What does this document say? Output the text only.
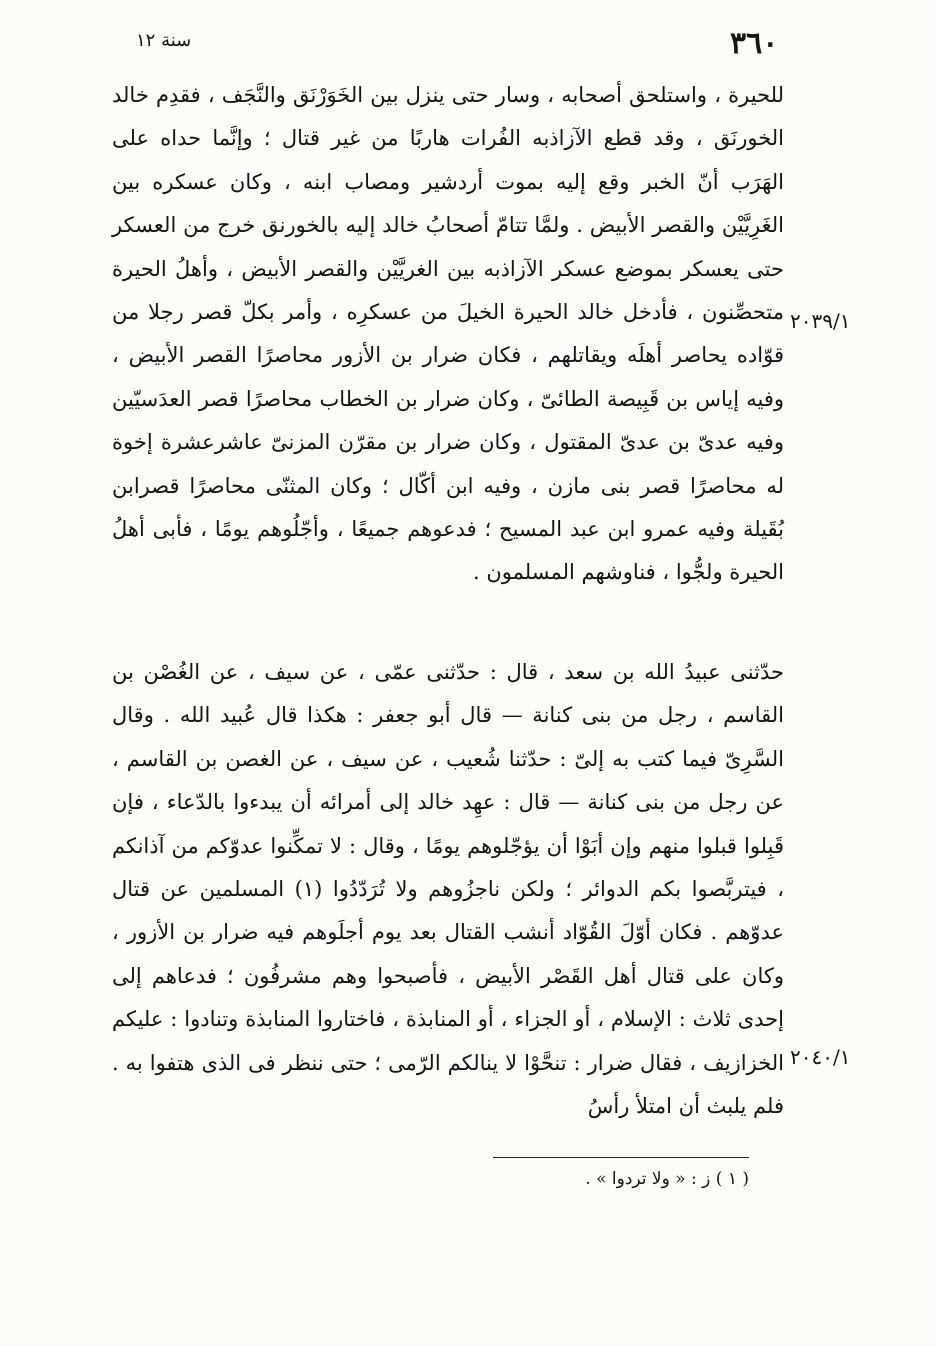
٣٦٠
سنة ١٢

للحيرة ، واستلحق أصحابه ، وسار حتى ينزل بين الخَوَرْنَق والنَّجَف ، فقدِم خالد الخورنَق ، وقد قطع الآزاذبه الفُرات هاربًا من غير قتال ؛ وإنَّما حداه على الهَرَب أنّ الخبر وقع إليه بموت أردشير ومصاب ابنه ، وكان عسكره بين الغَرِيَّيْن والقصر الأبيض . ولمَّا تتامّ أصحابُ خالد إليه بالخورنق خرج من العسكر حتى يعسكر بموضع عسكر الآزاذبه بين الغريَّيْن والقصر الأبيض ، وأهلُ الحيرة متحصِّنون ، فأدخل خالد الحيرة الخيلَ من عسكرِه ، وأمر بكلّ قصر رجلا من قوّاده يحاصر أهلَه ويقاتلهم ، فكان ضرار بن الأزور محاصرًا القصر الأبيض ، وفيه إياس بن قَبِيصة الطائىّ ، وكان ضرار بن الخطاب محاصرًا قصر العدَسيّين وفيه عدىّ بن عدىّ المقتول ، وكان ضرار بن مقرّن المزنىّ عاشرعشرة إخوة له محاصرًا قصر بنى مازن ، وفيه ابن أكّال ؛ وكان المثنّى محاصرًا قصرابن بُقَيلة وفيه عمرو ابن عبد المسيح ؛ فدعوهم جميعًا ، وأجّلُوهم يومًا ، فأبى أهلُ الحيرة ولجُّوا ، فناوشهم المسلمون .

٢٠٣٩/١

حدّثنى عبيدُ الله بن سعد ، قال : حدّثنى عمّى ، عن سيف ، عن الغُصْن بن القاسم ، رجل من بنى كنانة — قال أبو جعفر : هكذا قال عُبيد الله . وقال السَّرِىّ فيما كتب به إلىّ : حدّثنا شُعيب ، عن سيف ، عن الغصن بن القاسم ، عن رجل من بنى كنانة — قال : عهِد خالد إلى أمرائه أن يبدءوا بالدّعاء ، فإن قَبِلوا قبلوا منهم وإن أبَوْا أن يؤجّلوهم يومًا ، وقال : لا تمكِّنوا عدوّكم من آذانكم ، فيتربَّصوا بكم الدوائر ؛ ولكن ناجزُوهم ولا تُرَدّدُوا (١) المسلمين عن قتال عدوّهم . فكان أوّلَ القُوّاد أنشب القتال بعد يوم أجلَوهم فيه ضرار بن الأزور ، وكان على قتال أهل القَصْر الأبيض ، فأصبحوا وهم مشرفُون ؛ فدعاهم إلى إحدى ثلاث : الإسلام ، أو الجزاء ، أو المنابذة ، فاختاروا المنابذة وتنادوا : عليكم الخزازيف ، فقال ضرار : تنحَّوْا لا ينالكم الرّمى ؛ حتى ننظر فى الذى هتفوا به . فلم يلبث أن امتلأ رأسُ

٢٠٤٠/١
( ١ ) ز : « ولا تردوا » .
